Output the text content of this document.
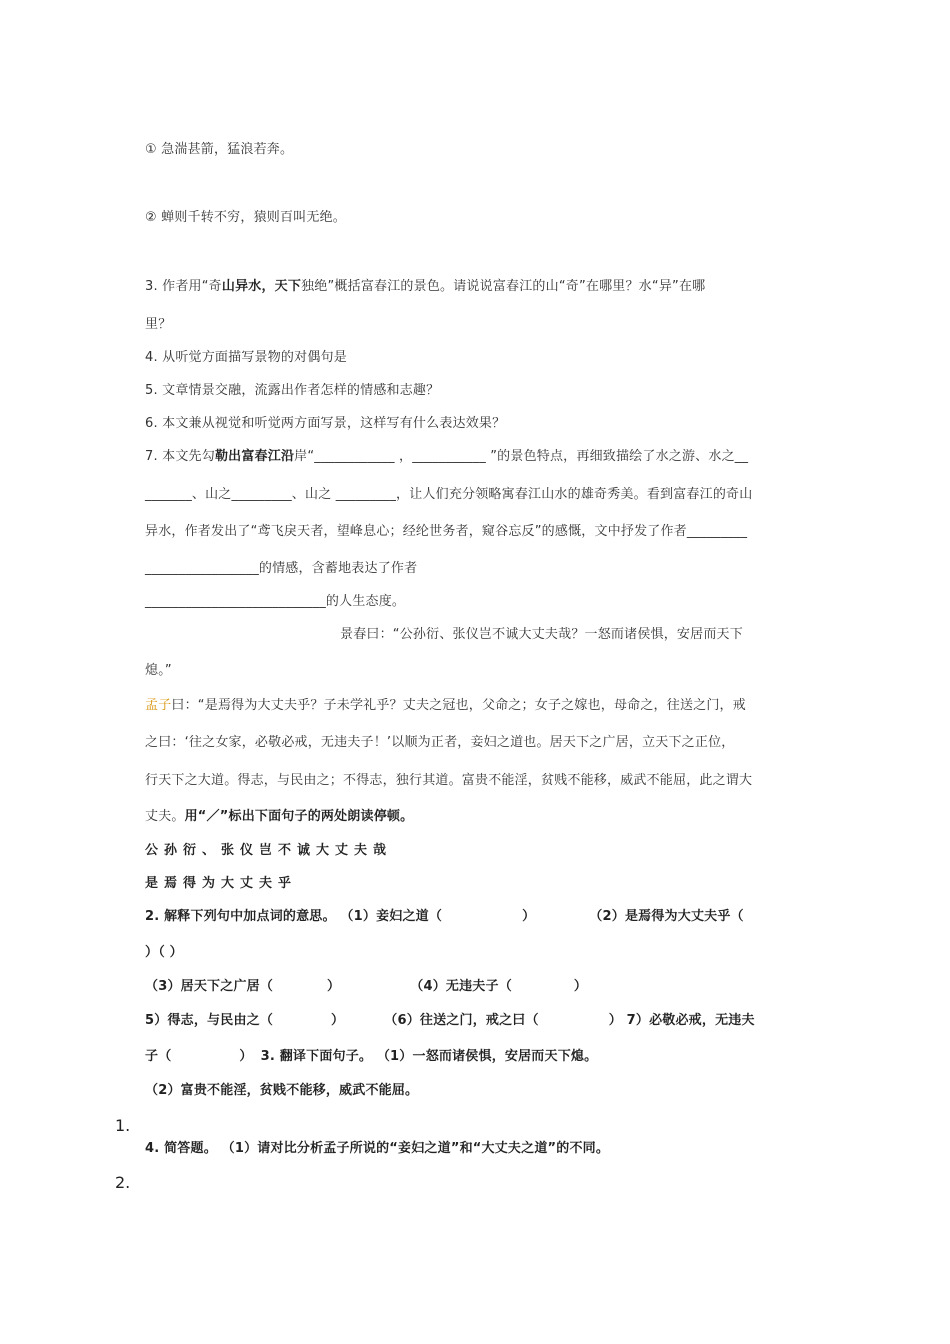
① 急湍甚箭，猛浪若奔。
② 蝉则千转不穷，猿则百叫无绝。
3. 作者用“奇山异水，天下独绝”概括富春江的景色。请说说富春江的山“奇”在哪里？水“异”在哪
里？
4. 从听觉方面描写景物的对偶句是
5. 文章情景交融，流露出作者怎样的情感和志趣？
6. 本文兼从视觉和听觉两方面写景，这样写有什么表达效果？
7. 本文先勾勒出富春江沿岸“____________ ，___________ ”的景色特点，再细致描绘了水之游、水之__
_______、山之_________、山之 _________，让人们充分领略寓春江山水的雄奇秀美。看到富春江的奇山
异水，作者发出了“鸢飞戾天者，望峰息心；经纶世务者，窥谷忘反”的感慨，文中抒发了作者_________
_________________的情感，含蓄地表达了作者
___________________________的人生态度。
景春曰：“公孙衍、张仪岂不诚大丈夫哉？一怒而诸侯惧，安居而天下
熄。”
孟子曰：“是焉得为大丈夫乎？子未学礼乎？丈夫之冠也，父命之；女子之嫁也，母命之，往送之门，戒
之曰：‘往之女家，必敬必戒，无违夫子！’以顺为正者，妾妇之道也。居天下之广居，立天下之正位，
行天下之大道。得志，与民由之；不得志，独行其道。富贵不能淫，贫贱不能移，威武不能屈，此之谓大
丈夫。用“／”标出下面句子的两处朗读停顿。
公孙衍、张仪岂不诚大丈夫哉
是焉得为大丈夫乎
2. 解释下列句中加点词的意思。 （1）妾妇之道（	）	（2）是焉得为大丈夫乎（
）（ ）
（3）居天下之广居（	）	（4）无违夫子（	）
5）得志，与民由之（	）	（6）往送之门，戒之曰（	） 7）必敬必戒，无违夫
子（	） 3. 翻译下面句子。 （1）一怒而诸侯惧，安居而天下熄。
（2）富贵不能淫，贫贱不能移，威武不能屈。
1.
4. 简答题。 （1）请对比分析孟子所说的“妾妇之道”和“大丈夫之道”的不同。
2.
